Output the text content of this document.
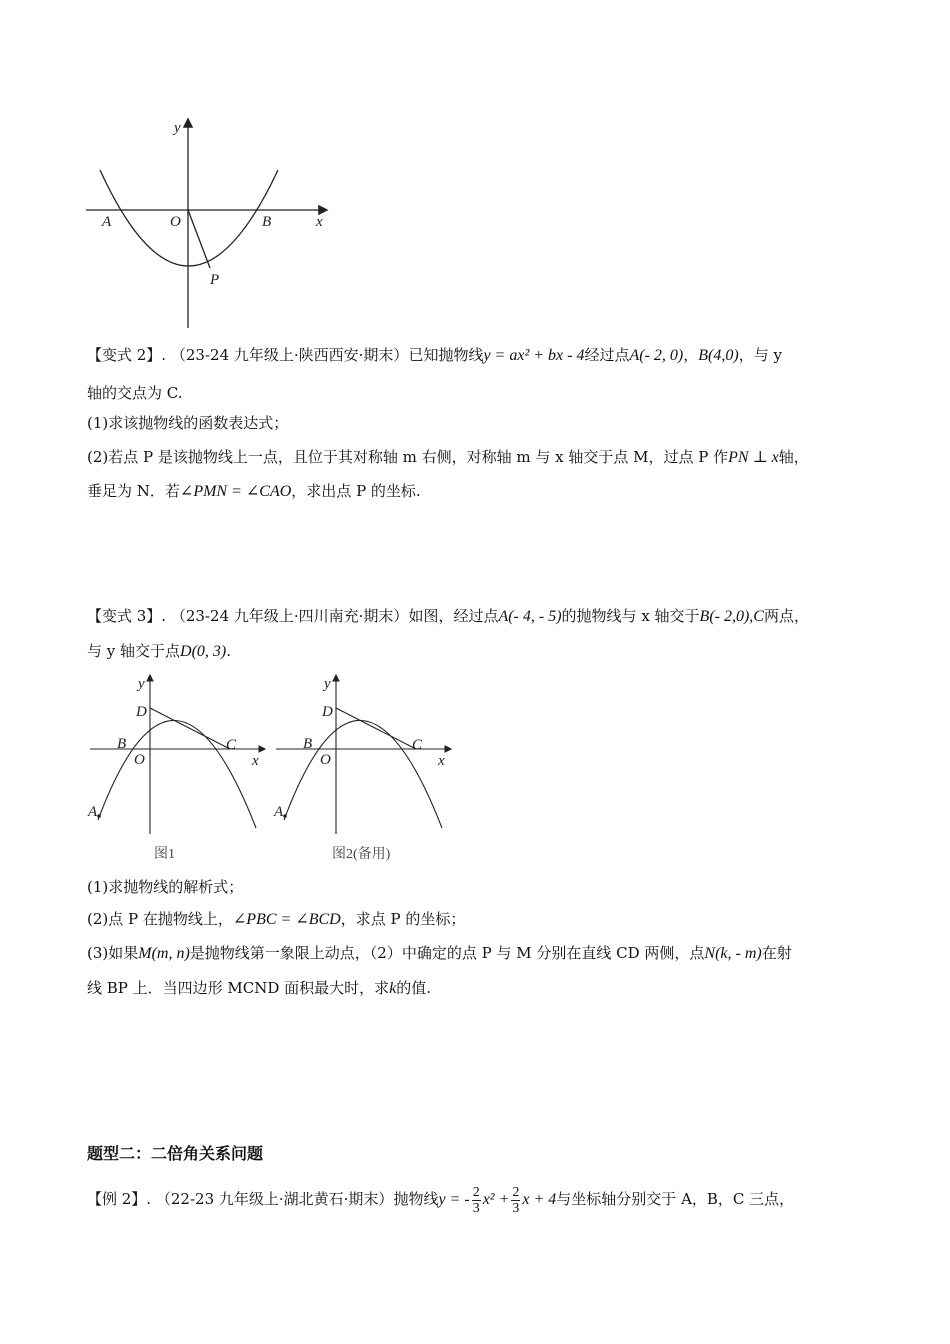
y
x
O
A	B
P
【变式 2】. （23-24 九年级上·陕西西安·期末）已知抛物线y = ax² + bx - 4经过点A(- 2, 0)，B(4,0)，与 y
轴的交点为 C.
(1)求该抛物线的函数表达式；
(2)若点 P 是该抛物线上一点，且位于其对称轴 m 右侧，对称轴 m 与 x 轴交于点 M，过点 P 作PN ⊥ x轴，
垂足为 N．若∠PMN = ∠CAO，求出点 P 的坐标.
【变式 3】. （23-24 九年级上·四川南充·期末）如图，经过点A(- 4, - 5)的抛物线与 x 轴交于B(- 2,0),C两点，
与 y 轴交于点D(0, 3).
y
x
O
B	C
D
A
图1
y
x
O
B	C
D
A
图2(备用)
(1)求抛物线的解析式；
(2)点 P 在抛物线上，∠PBC = ∠BCD，求点 P 的坐标；
(3)如果M(m, n)是抛物线第一象限上动点，（2）中确定的点 P 与 M 分别在直线 CD 两侧，点N(k, - m)在射
线 BP 上．当四边形 MCND 面积最大时，求k的值.
题型二：二倍角关系问题
【例 2】. （22-23 九年级上·湖北黄石·期末）抛物线y = - $\frac{2}{3} x^2 + \frac{2}{3}$ x + 4与坐标轴分别交于 A，B，C 三点，
